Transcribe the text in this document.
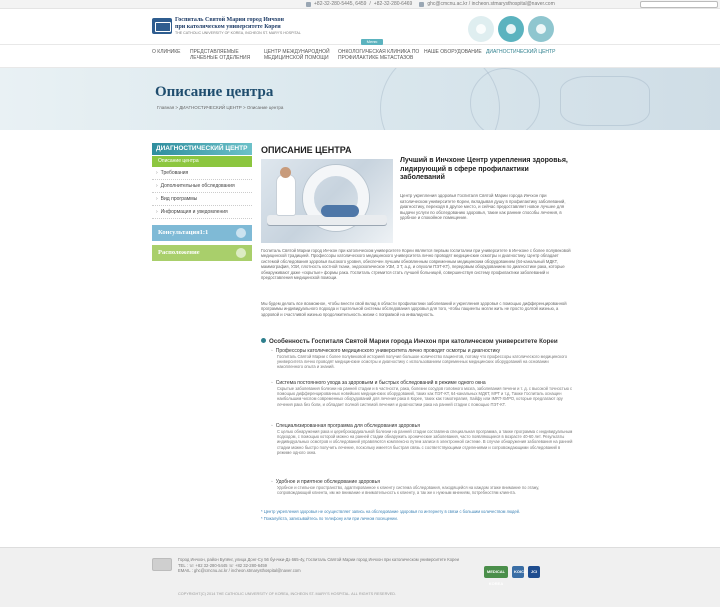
+82-32-280-5445, 6459 / +82-32-280-6469	ghc@cmcnu.ac.kr / incheon.stmarysthospital@naver.com
Госпиталь Святой Марии город Инчхон
при католическом университете Кореи
THE CATHOLIC UNIVERSITY OF KOREA, INCHEON ST. MARY'S HOSPITAL
Меню
О КЛИНИКЕ	ПРЕДСТАВЛЯЕМЫЕ ЛЕЧЕБНЫЕ ОТДЕЛЕНИЯ
ЦЕНТР МЕЖДУНАРОДНОЙ МЕДИЦИНСКОЙ ПОМОЩИ
ОНКОЛОГИЧЕСКАЯ КЛИНИКА ПО ПРОФИЛАКТИКЕ МЕТАСТАЗОВ
НАШЕ ОБОРУДОВАНИЕ ДИАГНОСТИЧЕСКИЙ ЦЕНТР
Описание центра
Главная > ДИАГНОСТИЧЕСКИЙ ЦЕНТР > Описание центра
ДИАГНОСТИЧЕСКИЙ ЦЕНТР
Описание центра
› Требования
› Дополнительные обследования
› Вид программы
› Информация и уведомления
Консультация1:1
Расположение
ОПИСАНИЕ ЦЕНТРА
Лучший в Инчхоне Центр укрепления здоровья, лидирующий в сфере профилактики заболеваний
Центр укрепления здоровья Госпиталя Святой Марии города Инчхон при католическом университете Кореи, вкладывая душу в профилактику заболеваний, диагностику, переходя в другое место, и сейчас предоставляет новое лучшее для выдачи услуги по обследованию здоровья, такие как ранние способы лечения, в удобное и спокойное помещение.
Госпиталь Святой Марии город Инчхон при католическом университете Кореи является первым госпиталем при университете в Инчхоне с более полувековой медицинской традицией. Профессоры католического медицинского университета лично проводят медицинские осмотры и диагностику. Центр обладает системой обследования здоровья высокого уровня, обеспечен лучшим обновленным современным медицинским оборудованием (64-канальный МДКТ, маммография, УЗИ, плотность костной ткани, эндоскопическое УЗИ, 3 T, а.д. и опухоли ПЭТ-КТ), передовым оборудованием по диагностике рака, которые обнаруживают даже «скрытые» формы рака. Госпиталь стремится стать лучшей больницей, совершенствуя систему профилактики заболеваний и предоставления медицинской помощи.
Мы будем делать все возможное, чтобы внести свой вклад в области профилактики заболеваний и укрепления здоровья с помощью дифференцированной программы индивидуального подхода и тщательной системы обследования здоровья для того, чтобы пациенты могли жить не просто долгой жизнью, а здоровой и счастливой жизнью продолжительность жизни с поправкой на инвалидность.
Особенность Госпиталя Святой Марии города Инчхон при католическом университете Кореи
◦ Профессоры католического медицинского университета лично проводят осмотры и диагностику
Госпиталь Святой Марии с более полувековой историей получил большое количество пациентов, потому что профессоры католического медицинского университета лично проводят медицинские осмотры и диагностику с использованием современных медицинских оборудований на основании накопленного опыта и знаний.
◦ Система постоянного ухода за здоровьем и быстрых обследований в режиме одного окна
Скрытые заболевания болезни на ранней стадии и в частности, рака, болезни сосудов головного мозга, заболевания печени и т. д. с высокой точностью с помощью дифференцированных новейших медицинских оборудований, таких как ПЭТ-КТ, 64-канальных МДКТ, МРТ и т.д. Также Госпиталь оснащен наибольшим числом современных оборудований для лечения рака в Корее, таких как томотерапия, Хайфу или IMRT-ХИРО, которые предлагают эру лечения рака без боли, и обладает полной системой лечения и диагностики рака на ранней стадии с помощью ПЭТ-КТ.
◦ Специализированная программа для обследования здоровья
С целью обнаружения рака и цереброкардиальной болезни на ранней стадии составлена специальная программа, а также программа с индивидуальным подходом, с помощью которой можно на ранней стадии обнаружить хронические заболевания, часто появляющиеся в возрасте 40-60 лет. Результаты индивидуальных осмотров и обследований управляются комплексно путем записи в электронной системе. В случае обнаружения заболевания на ранней стадии можно быстро получить лечение, поскольку имеется быстрая связь с соответствующими отделениями и сопровождающими обследований в режиме одного окна.
◦ Удобное и приятное обследование здоровья
Удобное и стильное пространство, адаптированное к клиенту система обследования, находящейся на каждом этаже внимание по этажу, сопровождающий клиента, им же внимание и внимательность к клиенту, а так же к нужным мнениям, потребностям клиента.
* Центр укрепления здоровья не осуществляет запись на обследование здоровья по интернету в связи с большим количеством людей.
* Пожалуйста, записывайтесь по телефону или при личном посещении.
Город Инчхон, район Бупёнг, улица Донг-Су 56 бунчжи-Дэ 665-4у, Госпиталь Святой Марии город Инчхон при католическом университете Кореи
TEL : ☏ +82 32-280-5445 ☏ +82 32-280-6459
EMAIL : ghc@cmcnu.ac.kr / incheon.stmarysthospital@naver.com
COPYRIGHT(C) 2014 THE CATHOLIC UNIVERSITY OF KOREA, INCHEON ST. MARY'S HOSPITAL. ALL RIGHTS RESERVED.
MEDICAL KOREA
KOICA JCI
